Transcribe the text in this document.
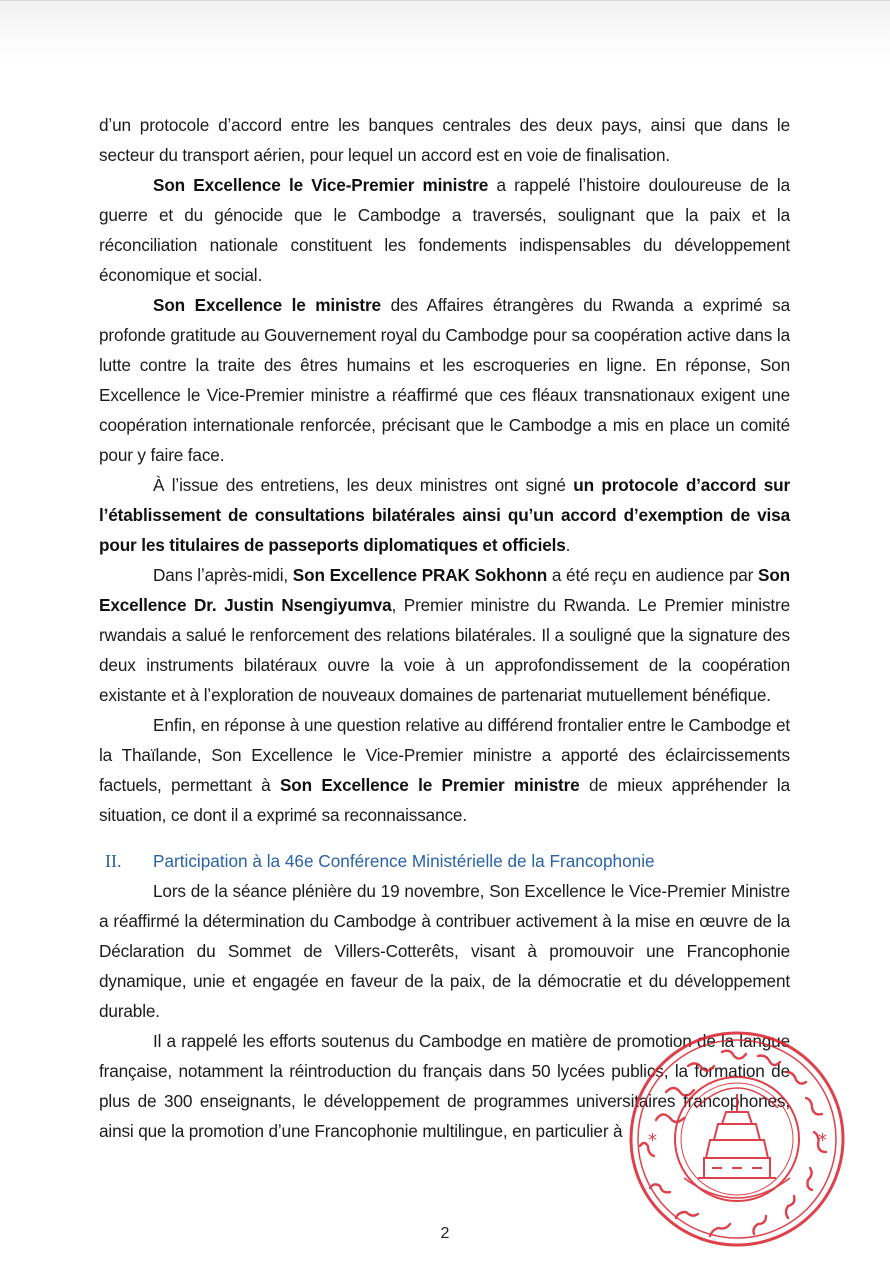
dʼun protocole dʼaccord entre les banques centrales des deux pays, ainsi que dans le secteur du transport aérien, pour lequel un accord est en voie de finalisation.

Son Excellence le Vice-Premier ministre a rappelé lʼhistoire douloureuse de la guerre et du génocide que le Cambodge a traversés, soulignant que la paix et la réconciliation nationale constituent les fondements indispensables du développement économique et social.

Son Excellence le ministre des Affaires étrangères du Rwanda a exprimé sa profonde gratitude au Gouvernement royal du Cambodge pour sa coopération active dans la lutte contre la traite des êtres humains et les escroqueries en ligne. En réponse, Son Excellence le Vice-Premier ministre a réaffirmé que ces fléaux transnationaux exigent une coopération internationale renforcée, précisant que le Cambodge a mis en place un comité pour y faire face.

À lʼissue des entretiens, les deux ministres ont signé un protocole dʼaccord sur lʼétablissement de consultations bilatérales ainsi quʼun accord dʼexemption de visa pour les titulaires de passeports diplomatiques et officiels.

Dans lʼaprès-midi, Son Excellence PRAK Sokhonn a été reçu en audience par Son Excellence Dr. Justin Nsengiyumva, Premier ministre du Rwanda. Le Premier ministre rwandais a salué le renforcement des relations bilatérales. Il a souligné que la signature des deux instruments bilatéraux ouvre la voie à un approfondissement de la coopération existante et à lʼexploration de nouveaux domaines de partenariat mutuellement bénéfique.

Enfin, en réponse à une question relative au différend frontalier entre le Cambodge et la Thaïlande, Son Excellence le Vice-Premier ministre a apporté des éclaircissements factuels, permettant à Son Excellence le Premier ministre de mieux appréhender la situation, ce dont il a exprimé sa reconnaissance.

II.	Participation à la 46e Conférence Ministérielle de la Francophonie

Lors de la séance plénière du 19 novembre, Son Excellence le Vice-Premier Ministre a réaffirmé la détermination du Cambodge à contribuer activement à la mise en œuvre de la Déclaration du Sommet de Villers-Cotterêts, visant à promouvoir une Francophonie dynamique, unie et engagée en faveur de la paix, de la démocratie et du développement durable.

Il a rappelé les efforts soutenus du Cambodge en matière de promotion de la langue française, notamment la réintroduction du français dans 50 lycées publics, la formation de plus de 300 enseignants, le développement de programmes universitaires francophones, ainsi que la promotion dʼune Francophonie multilingue, en particulier à

2
*	*
